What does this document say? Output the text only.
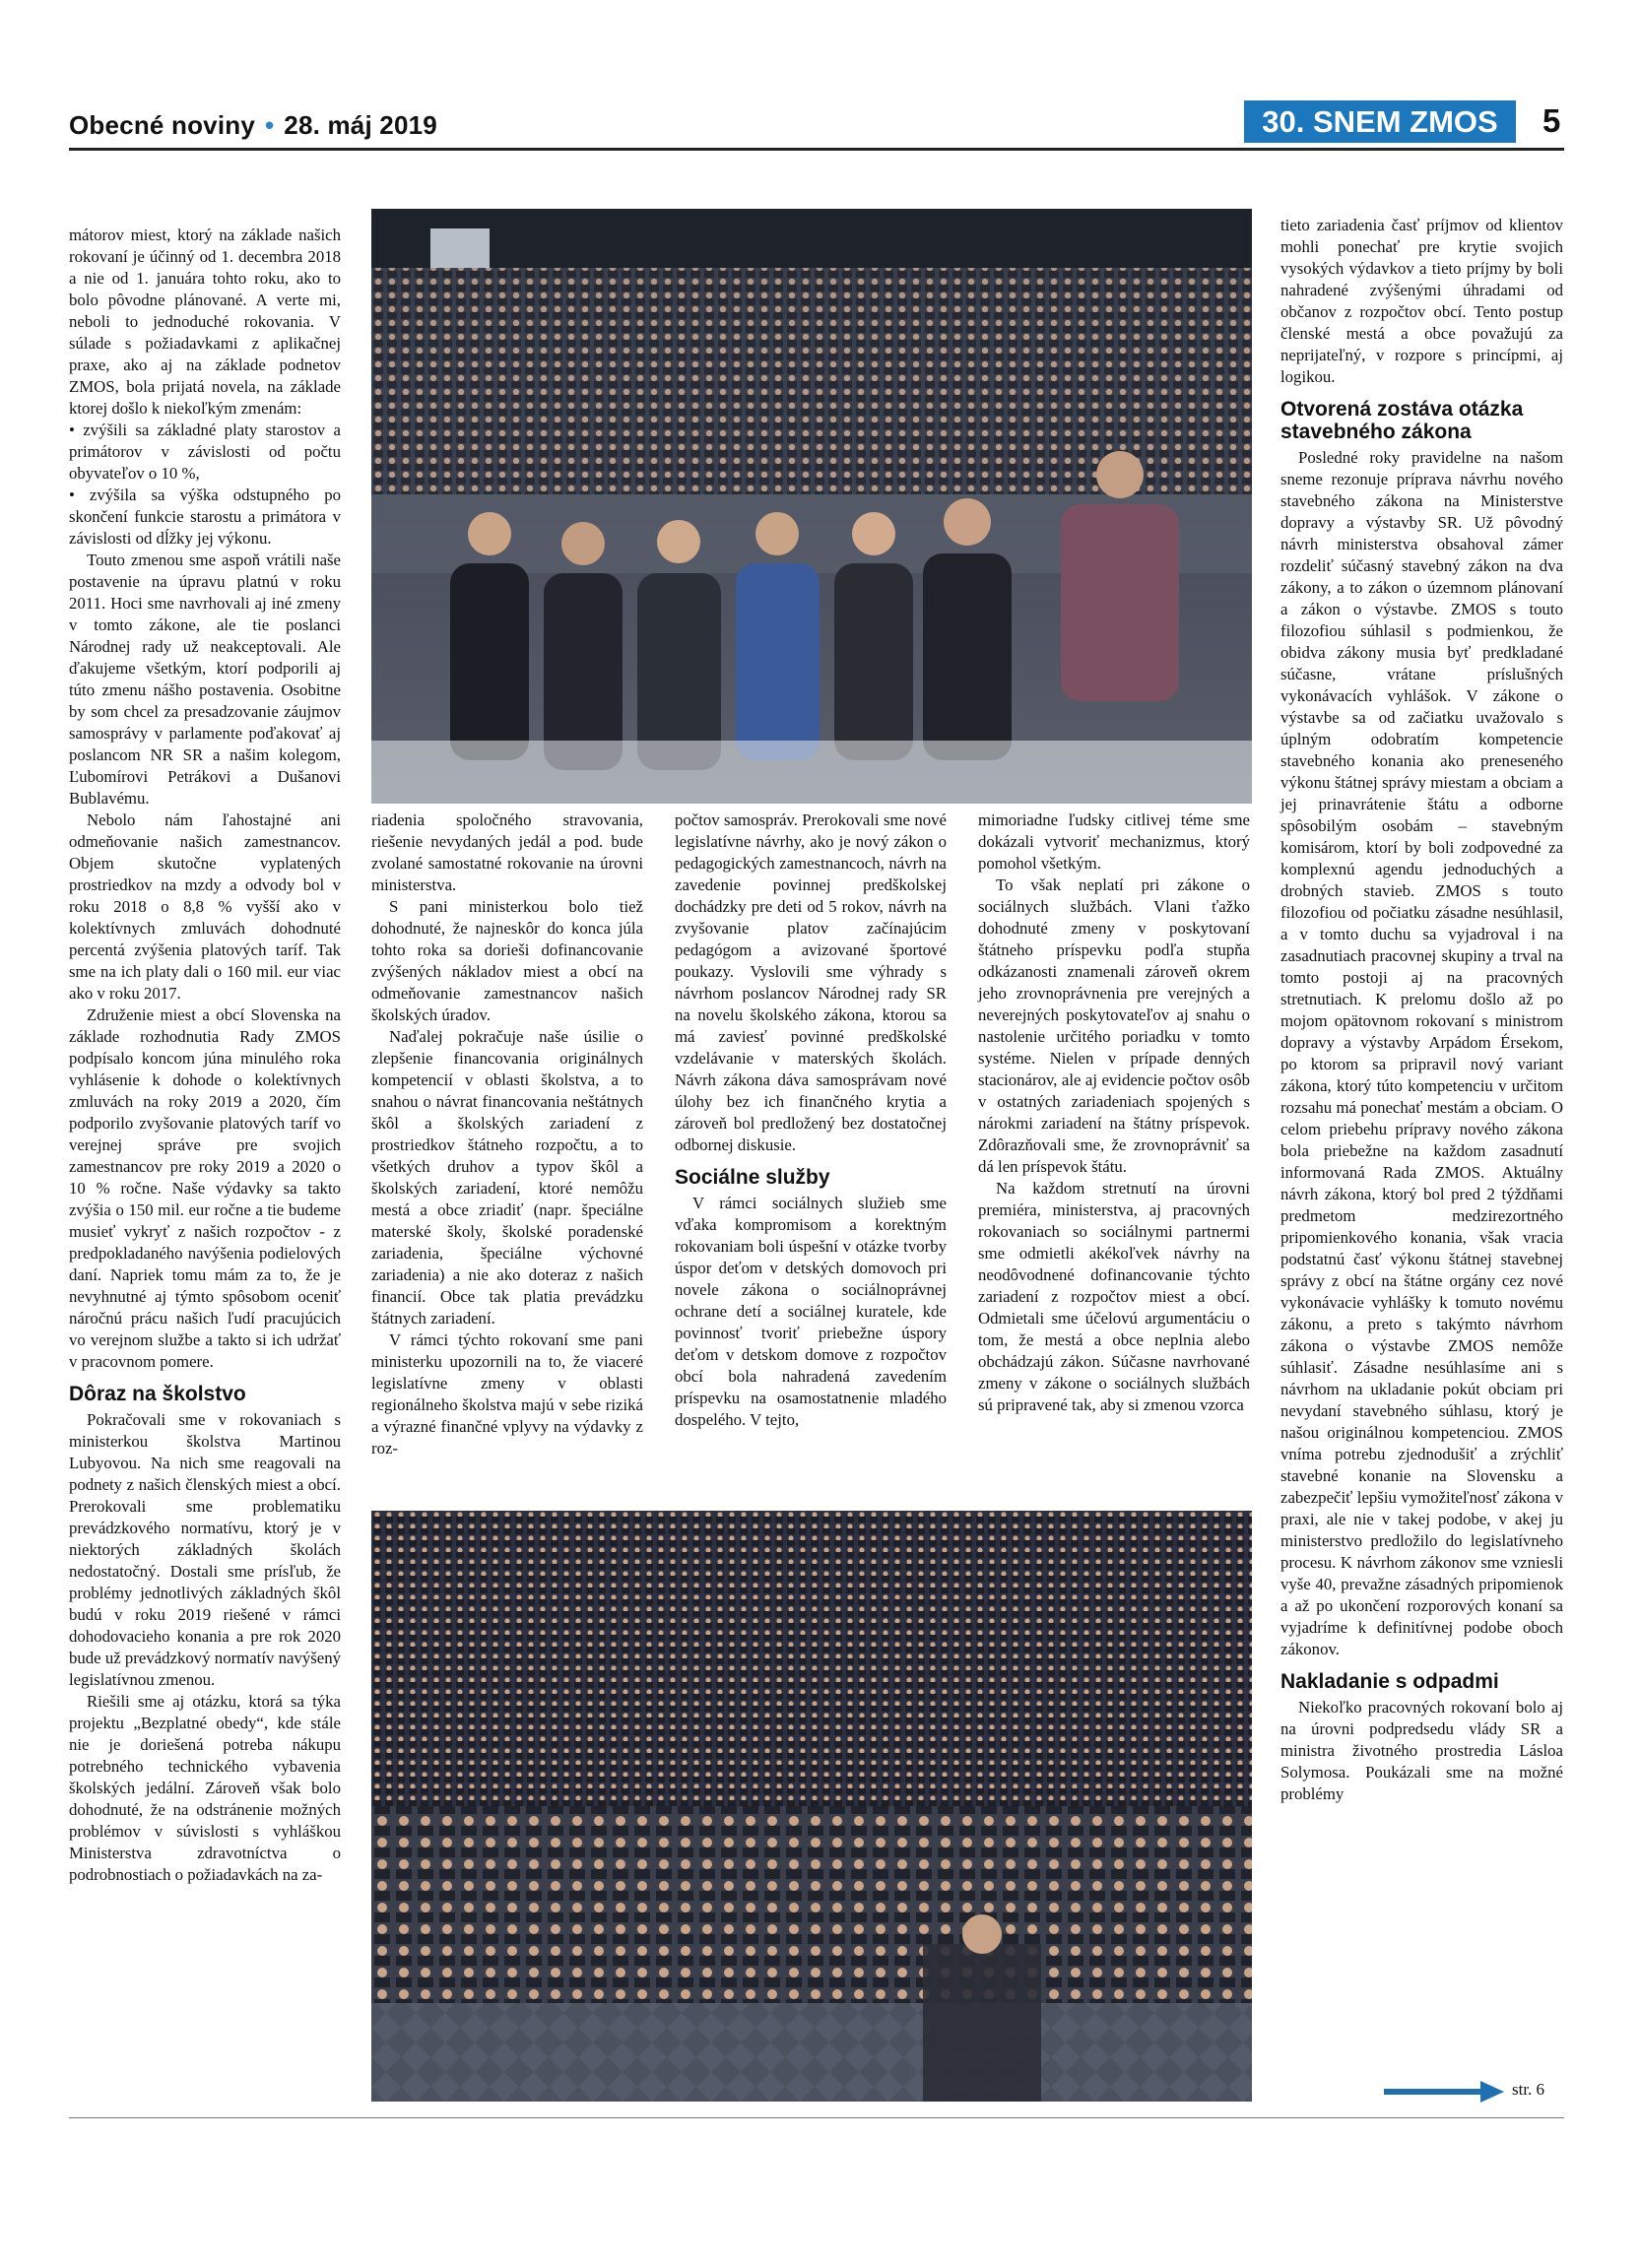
Obecné noviny • 28. máj 2019	30. SNEM ZMOS	5

mátorov miest, ktorý na základe našich rokovaní je účinný od 1. decembra 2018 a nie od 1. januára tohto roku, ako to bolo pôvodne plánované. A verte mi, neboli to jednoduché rokovania. V súlade s požiadavkami z aplikačnej praxe, ako aj na základe podnetov ZMOS, bola prijatá novela, na základe ktorej došlo k niekoľkým zmenám:

• zvýšili sa základné platy starostov a primátorov v závislosti od počtu obyvateľov o 10 %,

• zvýšila sa výška odstupného po skončení funkcie starostu a primátora v závislosti od dĺžky jej výkonu.

Touto zmenou sme aspoň vrátili naše postavenie na úpravu platnú v roku 2011. Hoci sme navrhovali aj iné zmeny v tomto zákone, ale tie poslanci Národnej rady už neakceptovali. Ale ďakujeme všetkým, ktorí podporili aj túto zmenu nášho postavenia. Osobitne by som chcel za presadzovanie záujmov samosprávy v parlamente poďakovať aj poslancom NR SR a našim kolegom, Ľubomírovi Petrákovi a Dušanovi Bublavému.

Nebolo nám ľahostajné ani odmeňovanie našich zamestnancov. Objem skutočne vyplatených prostriedkov na mzdy a odvody bol v roku 2018 o 8,8 % vyšší ako v kolektívnych zmluvách dohodnuté percentá zvýšenia platových taríf. Tak sme na ich platy dali o 160 mil. eur viac ako v roku 2017.

Združenie miest a obcí Slovenska na základe rozhodnutia Rady ZMOS podpísalo koncom júna minulého roka vyhlásenie k dohode o kolektívnych zmluvách na roky 2019 a 2020, čím podporilo zvyšovanie platových taríf vo verejnej správe pre svojich zamestnancov pre roky 2019 a 2020 o 10 % ročne. Naše výdavky sa takto zvýšia o 150 mil. eur ročne a tie budeme musieť vykryť z našich rozpočtov - z predpokladaného navýšenia podielových daní. Napriek tomu mám za to, že je nevyhnutné aj týmto spôsobom oceniť náročnú prácu našich ľudí pracujúcich vo verejnom službe a takto si ich udržať v pracovnom pomere.

Dôraz na školstvo

Pokračovali sme v rokovaniach s ministerkou školstva Martinou Lubyovou. Na nich sme reagovali na podnety z našich členských miest a obcí. Prerokovali sme problematiku prevádzkového normatívu, ktorý je v niektorých základných školách nedostatočný. Dostali sme prísľub, že problémy jednotlivých základných škôl budú v roku 2019 riešené v rámci dohodovacieho konania a pre rok 2020 bude už prevádzkový normatív navýšený legislatívnou zmenou.

Riešili sme aj otázku, ktorá sa týka projektu „Bezplatné obedy“, kde stále nie je doriešená potreba nákupu potrebného technického vybavenia školských jedální. Zároveň však bolo dohodnuté, že na odstránenie možných problémov v súvislosti s vyhláškou Ministerstva zdravotníctva o podrobnostiach o požiadavkách na za-

riadenia spoločného stravovania, riešenie nevydaných jedál a pod. bude zvolané samostatné rokovanie na úrovni ministerstva.

S pani ministerkou bolo tiež dohodnuté, že najneskôr do konca júla tohto roka sa dorieši dofinancovanie zvýšených nákladov miest a obcí na odmeňovanie zamestnancov našich školských úradov.

Naďalej pokračuje naše úsilie o zlepšenie financovania originálnych kompetencií v oblasti školstva, a to snahou o návrat financovania neštátnych škôl a školských zariadení z prostriedkov štátneho rozpočtu, a to všetkých druhov a typov škôl a školských zariadení, ktoré nemôžu mestá a obce zriadiť (napr. špeciálne materské školy, školské poradenské zariadenia, špeciálne výchovné zariadenia) a nie ako doteraz z našich financií. Obce tak platia prevádzku štátnych zariadení.

V rámci týchto rokovaní sme pani ministerku upozornili na to, že viaceré legislatívne zmeny v oblasti regionálneho školstva majú v sebe riziká a výrazné finančné vplyvy na výdavky z roz-

počtov samospráv. Prerokovali sme nové legislatívne návrhy, ako je nový zákon o pedagogických zamestnancoch, návrh na zavedenie povinnej predškolskej dochádzky pre deti od 5 rokov, návrh na zvyšovanie platov začínajúcim pedagógom a avizované športové poukazy. Vyslovili sme výhrady s návrhom poslancov Národnej rady SR na novelu školského zákona, ktorou sa má zaviesť povinné predškolské vzdelávanie v materských školách. Návrh zákona dáva samosprávam nové úlohy bez ich finančného krytia a zároveň bol predložený bez dostatočnej odbornej diskusie.

Sociálne služby

V rámci sociálnych služieb sme vďaka kompromisom a korektným rokovaniam boli úspešní v otázke tvorby úspor deťom v detských domovoch pri novele zákona o sociálnoprávnej ochrane detí a sociálnej kuratele, kde povinnosť tvoriť priebežne úspory deťom v detskom domove z rozpočtov obcí bola nahradená zavedením príspevku na osamostatnenie mladého dospelého. V tejto,

mimoriadne ľudsky citlivej téme sme dokázali vytvoriť mechanizmus, ktorý pomohol všetkým.

To však neplatí pri zákone o sociálnych službách. Vlani ťažko dohodnuté zmeny v poskytovaní štátneho príspevku podľa stupňa odkázanosti znamenali zároveň okrem jeho zrovnoprávnenia pre verejných a neverejných poskytovateľov aj snahu o nastolenie určitého poriadku v tomto systéme. Nielen v prípade denných stacionárov, ale aj evidencie počtov osôb v ostatných zariadeniach spojených s nárokmi zariadení na štátny príspevok. Zdôrazňovali sme, že zrovnoprávniť sa dá len príspevok štátu.

Na každom stretnutí na úrovni premiéra, ministerstva, aj pracovných rokovaniach so sociálnymi partnermi sme odmietli akékoľvek návrhy na neodôvodnené dofinancovanie týchto zariadení z rozpočtov miest a obcí. Odmietali sme účelovú argumentáciu o tom, že mestá a obce neplnia alebo obchádzajú zákon. Súčasne navrhované zmeny v zákone o sociálnych službách sú pripravené tak, aby si zmenou vzorca

tieto zariadenia časť príjmov od klientov mohli ponechať pre krytie svojich vysokých výdavkov a tieto príjmy by boli nahradené zvýšenými úhradami od občanov z rozpočtov obcí. Tento postup členské mestá a obce považujú za neprijateľný, v rozpore s princípmi, aj logikou.

Otvorená zostáva otázka stavebného zákona

Posledné roky pravidelne na našom sneme rezonuje príprava návrhu nového stavebného zákona na Ministerstve dopravy a výstavby SR. Už pôvodný návrh ministerstva obsahoval zámer rozdeliť súčasný stavebný zákon na dva zákony, a to zákon o územnom plánovaní a zákon o výstavbe. ZMOS s touto filozofiou súhlasil s podmienkou, že obidva zákony musia byť predkladané súčasne, vrátane príslušných vykonávacích vyhlášok. V zákone o výstavbe sa od začiatku uvažovalo s úplným odobratím kompetencie stavebného konania ako preneseného výkonu štátnej správy miestam a obciam a jej prinavrátenie štátu a odborne spôsobilým osobám – stavebným komisárom, ktorí by boli zodpovedné za komplexnú agendu jednoduchých a drobných stavieb. ZMOS s touto filozofiou od počiatku zásadne nesúhlasil, a v tomto duchu sa vyjadroval i na zasadnutiach pracovnej skupiny a trval na tomto postoji aj na pracovných stretnutiach. K prelomu došlo až po mojom opätovnom rokovaní s ministrom dopravy a výstavby Arpádom Érsekom, po ktorom sa pripravil nový variant zákona, ktorý túto kompetenciu v určitom rozsahu má ponechať mestám a obciam. O celom priebehu prípravy nového zákona bola priebežne na každom zasadnutí informovaná Rada ZMOS. Aktuálny návrh zákona, ktorý bol pred 2 týždňami predmetom medzirezortného pripomienkového konania, však vracia podstatnú časť výkonu štátnej stavebnej správy z obcí na štátne orgány cez nové vykonávacie vyhlášky k tomuto novému zákonu, a preto s takýmto návrhom zákona o výstavbe ZMOS nemôže súhlasiť. Zásadne nesúhlasíme ani s návrhom na ukladanie pokút obciam pri nevydaní stavebného súhlasu, ktorý je našou originálnou kompetenciou. ZMOS vníma potrebu zjednodušiť a zrýchliť stavebné konanie na Slovensku a zabezpečiť lepšiu vymožiteľnosť zákona v praxi, ale nie v takej podobe, v akej ju ministerstvo predložilo do legislatívneho procesu. K návrhom zákonov sme vzniesli vyše 40, prevažne zásadných pripomienok a až po ukončení rozporových konaní sa vyjadríme k definitívnej podobe oboch zákonov.

Nakladanie s odpadmi

Niekoľko pracovných rokovaní bolo aj na úrovni podpredsedu vlády SR a ministra životného prostredia Lásloa Solymosa. Poukázali sme na možné problémy

str. 6
